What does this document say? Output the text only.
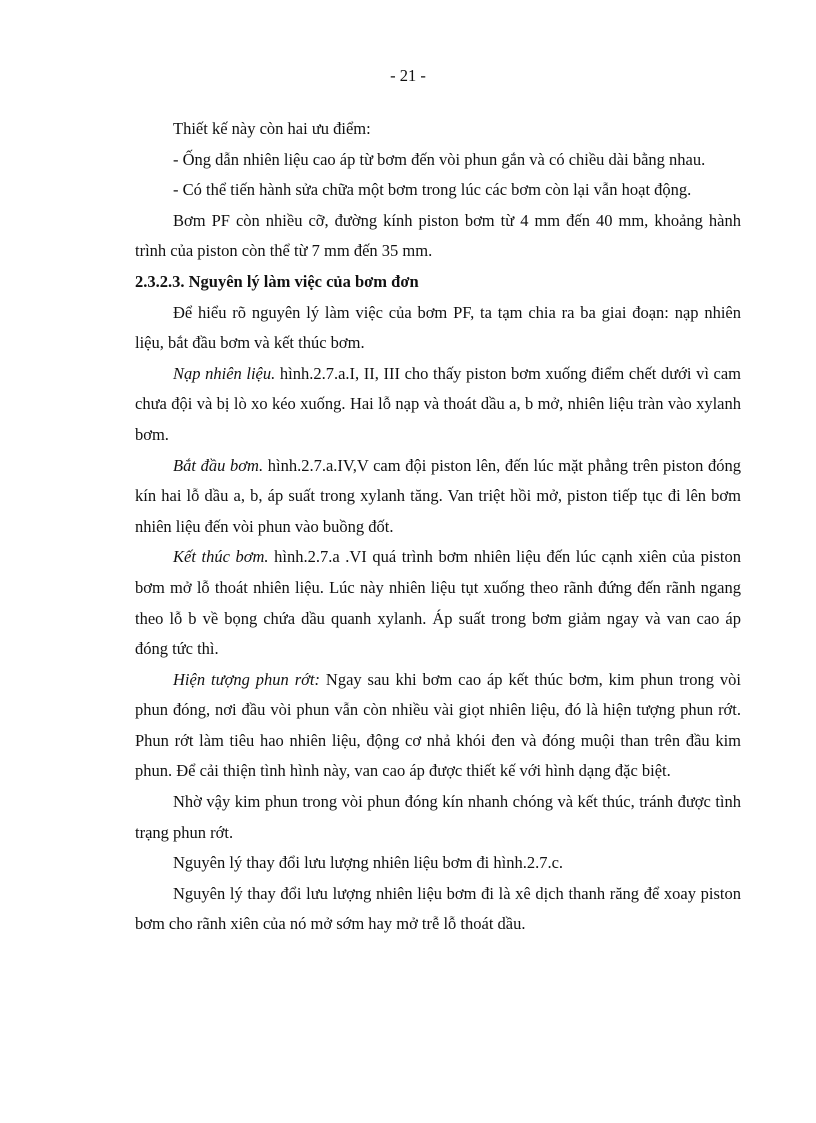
- 21 -

Thiết kế này còn hai ưu điểm:

- Ống dẫn nhiên liệu cao áp từ bơm đến vòi phun gắn và có chiều dài bằng nhau.

- Có thể tiến hành sửa chữa một bơm trong lúc các bơm còn lại vẫn hoạt động.

Bơm PF còn nhiều cỡ, đường kính piston bơm từ 4 mm đến 40 mm, khoảng hành trình của piston còn thể từ 7 mm đến 35 mm.

2.3.2.3. Nguyên lý làm việc của bơm đơn

Để hiểu rõ nguyên lý làm việc của bơm PF, ta tạm chia ra ba giai đoạn: nạp nhiên liệu, bắt đầu bơm và kết thúc bơm.

Nạp nhiên liệu. hình.2.7.a.I, II, III cho thấy piston bơm xuống điểm chết dưới vì cam chưa đội và bị lò xo kéo xuống. Hai lỗ nạp và thoát dầu a, b mở, nhiên liệu tràn vào xylanh bơm.

Bắt đầu bơm. hình.2.7.a.IV,V cam đội piston lên, đến lúc mặt phẳng trên piston đóng kín hai lỗ dầu a, b, áp suất trong xylanh tăng. Van triệt hồi mở, piston tiếp tục đi lên bơm nhiên liệu đến vòi phun vào buồng đốt.

Kết thúc bơm. hình.2.7.a .VI quá trình bơm nhiên liệu đến lúc cạnh xiên của piston bơm mở lỗ thoát nhiên liệu. Lúc này nhiên liệu tụt xuống theo rãnh đứng đến rãnh ngang theo lỗ b về bọng chứa dầu quanh xylanh. Áp suất trong bơm giảm ngay và van cao áp đóng tức thì.

Hiện tượng phun rớt: Ngay sau khi bơm cao áp kết thúc bơm, kim phun trong vòi phun đóng, nơi đầu vòi phun vẫn còn nhiều vài giọt nhiên liệu, đó là hiện tượng phun rớt. Phun rớt làm tiêu hao nhiên liệu, động cơ nhả khói đen và đóng muội than trên đầu kim phun. Để cải thiện tình hình này, van cao áp được thiết kế với hình dạng đặc biệt.

Nhờ vậy kim phun trong vòi phun đóng kín nhanh chóng và kết thúc, tránh được tình trạng phun rớt.

Nguyên lý thay đổi lưu lượng nhiên liệu bơm đi hình.2.7.c.

Nguyên lý thay đổi lưu lượng nhiên liệu bơm đi là xê dịch thanh răng để xoay piston bơm cho rãnh xiên của nó mở sớm hay mở trễ lỗ thoát dầu.
